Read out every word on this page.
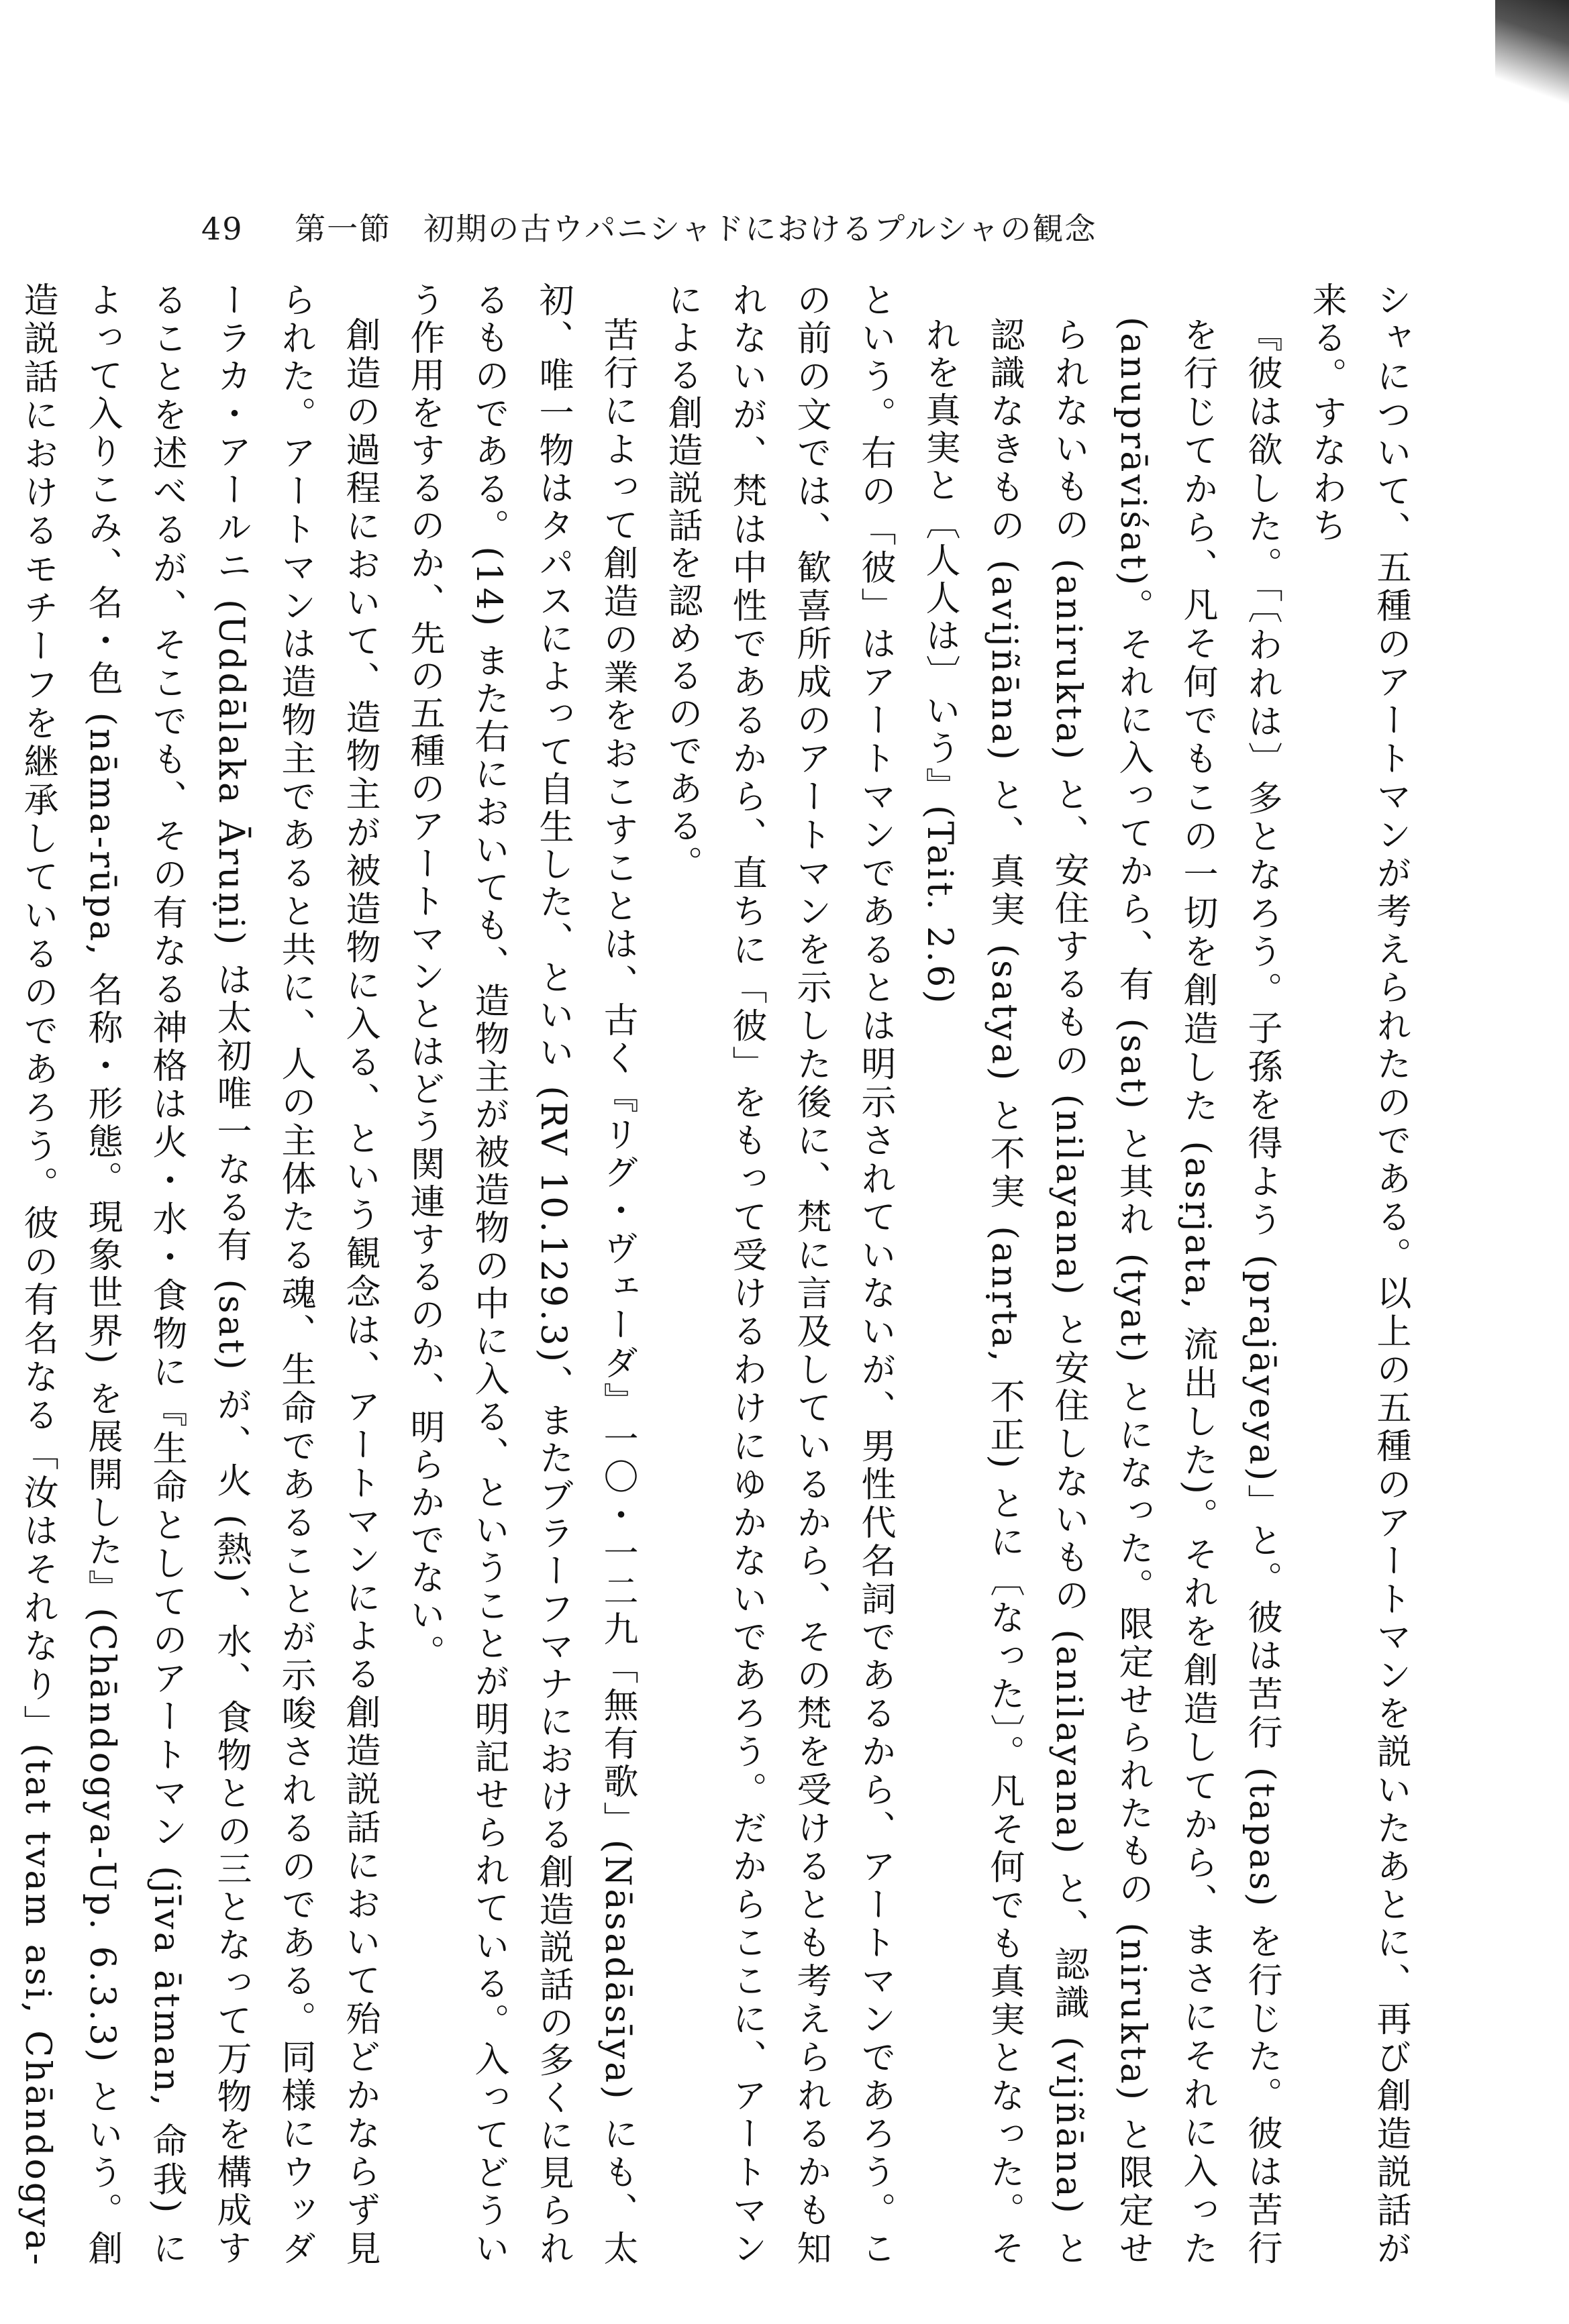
49 第一節　初期の古ウパニシャドにおけるプルシャの観念

シャについて、五種のアートマンが考えられたのである。以上の五種のアートマンを説いたあとに、再び創造説話が来る。すなわち

『彼は欲した。「〔われは〕多となろう。子孫を得よう (prajāyeya)」と。彼は苦行 (tapas) を行じた。彼は苦行を行じてから、凡そ何でもこの一切を創造した (asṛjata, 流出した)。それを創造してから、まさにそれに入った (anuprāviśat)。それに入ってから、有 (sat) と其れ (tyat) とになった。限定せられたもの (nirukta) と限定せられないもの (anirukta) と、安住するもの (nilayana) と安住しないもの (anilayana) と、認識 (vijñāna) と認識なきもの (avijñāna) と、真実 (satya) と不実 (anṛta, 不正) とに〔なった〕。凡そ何でも真実となった。それを真実と〔人人は〕いう』(Tait. 2.6)

という。右の「彼」はアートマンであるとは明示されていないが、男性代名詞であるから、アートマンであろう。この前の文では、歓喜所成のアートマンを示した後に、梵に言及しているから、その梵を受けるとも考えられるかも知れないが、梵は中性であるから、直ちに「彼」をもって受けるわけにゆかないであろう。だからここに、アートマンによる創造説話を認めるのである。

苦行によって創造の業をおこすことは、古く『リグ・ヴェーダ』一〇・一二九「無有歌」(Nāsadāsīya) にも、太初、唯一物はタパスによって自生した、といい (RV 10.129.3)、またブラーフマナにおける創造説話の多くに見られるものである。(14) また右においても、造物主が被造物の中に入る、ということが明記せられている。入ってどういう作用をするのか、先の五種のアートマンとはどう関連するのか、明らかでない。

創造の過程において、造物主が被造物に入る、という観念は、アートマンによる創造説話において殆どかならず見られた。アートマンは造物主であると共に、人の主体たる魂、生命であることが示唆されるのである。同様にウッダーラカ・アールニ (Uddālaka Āruṇi) は太初唯一なる有 (sat) が、火 (熱)、水、食物との三となって万物を構成することを述べるが、そこでも、その有なる神格は火・水・食物に『生命としてのアートマン (jīva ātman, 命我) によって入りこみ、名・色 (nāma-rūpa, 名称・形態。現象世界) を展開した』(Chāndogya-Up. 6.3.3) という。創造説話におけるモチーフを継承しているのであろう。彼の有名なる「汝はそれなり」(tat tvam asi, Chāndogya-
